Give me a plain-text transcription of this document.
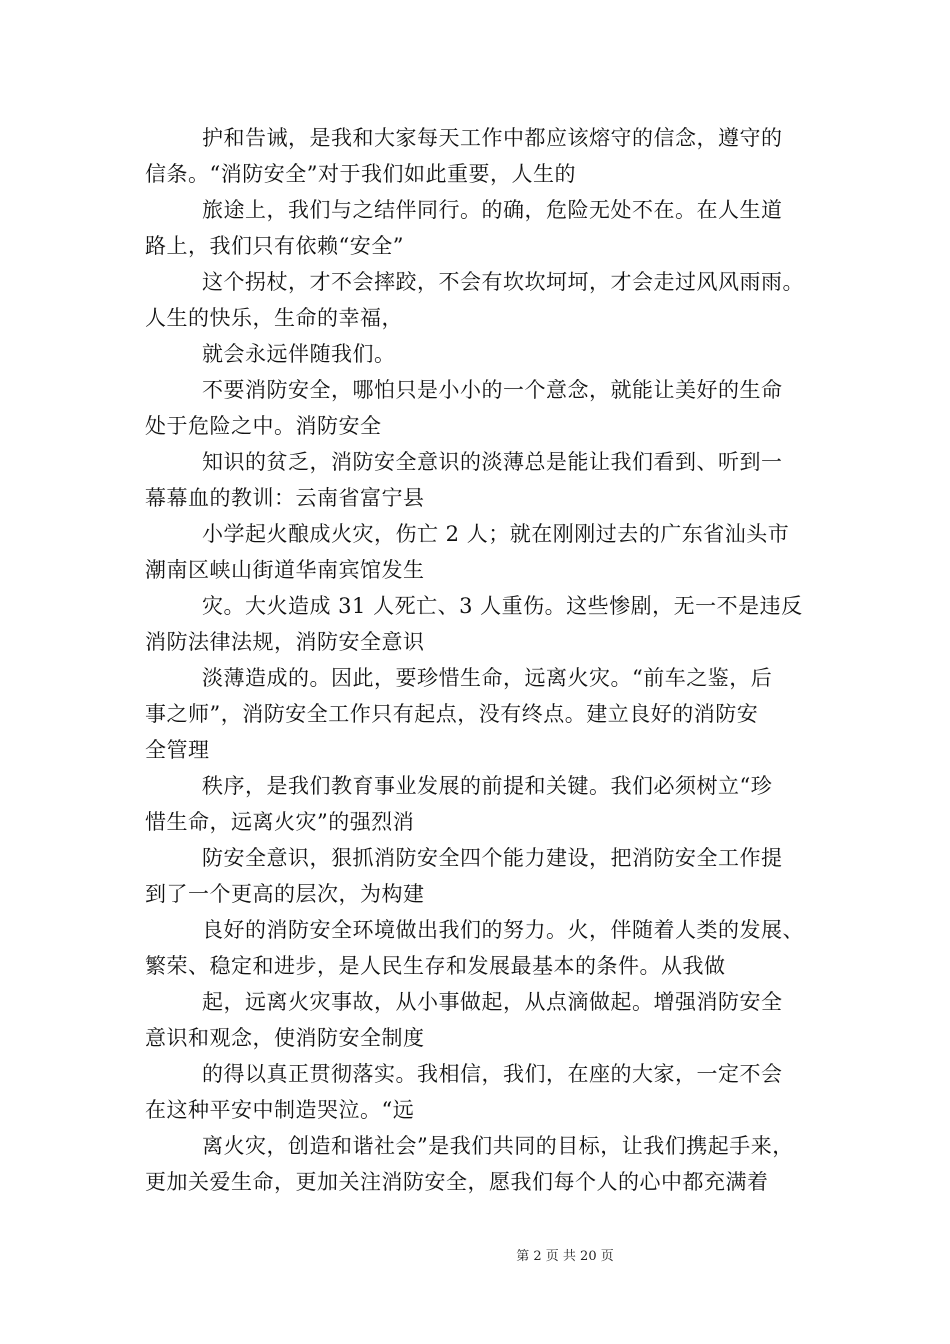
护和告诫，是我和大家每天工作中都应该熔守的信念，遵守的
信条。“消防安全”对于我们如此重要，人生的
旅途上，我们与之结伴同行。的确，危险无处不在。在人生道
路上，我们只有依赖“安全”
这个拐杖，才不会摔跤，不会有坎坎坷坷，才会走过风风雨雨。
人生的快乐，生命的幸福，
就会永远伴随我们。
不要消防安全，哪怕只是小小的一个意念，就能让美好的生命
处于危险之中。消防安全
知识的贫乏，消防安全意识的淡薄总是能让我们看到、听到一
幕幕血的教训：云南省富宁县
小学起火酿成火灾，伤亡 2 人；就在刚刚过去的广东省汕头市
潮南区峡山街道华南宾馆发生
灾。大火造成 31 人死亡、3 人重伤。这些惨剧，无一不是违反
消防法律法规，消防安全意识
淡薄造成的。因此，要珍惜生命，远离火灾。“前车之鉴，后
事之师”，消防安全工作只有起点，没有终点。建立良好的消防安
全管理
秩序，是我们教育事业发展的前提和关键。我们必须树立“珍
惜生命，远离火灾”的强烈消
防安全意识，狠抓消防安全四个能力建设，把消防安全工作提
到了一个更高的层次，为构建
良好的消防安全环境做出我们的努力。火，伴随着人类的发展、
繁荣、稳定和进步，是人民生存和发展最基本的条件。从我做
起，远离火灾事故，从小事做起，从点滴做起。增强消防安全
意识和观念，使消防安全制度
的得以真正贯彻落实。我相信，我们，在座的大家，一定不会
在这种平安中制造哭泣。“远
离火灾，创造和谐社会”是我们共同的目标，让我们携起手来，
更加关爱生命，更加关注消防安全，愿我们每个人的心中都充满着
第 2 页 共 20 页
